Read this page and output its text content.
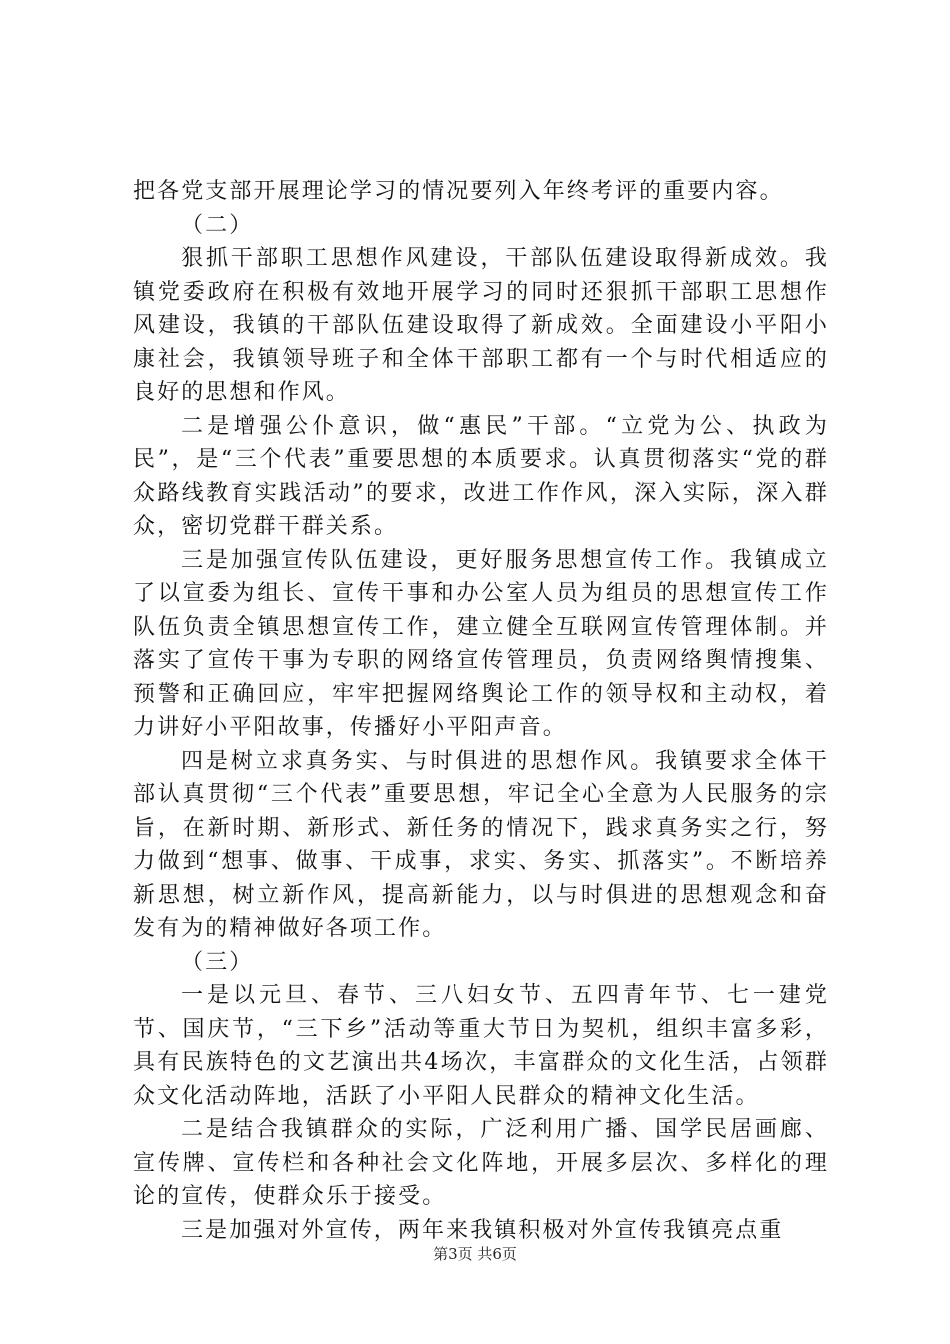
把各党支部开展理论学习的情况要列入年终考评的重要内容。

（二）

狠抓干部职工思想作风建设，干部队伍建设取得新成效。我镇党委政府在积极有效地开展学习的同时还狠抓干部职工思想作风建设，我镇的干部队伍建设取得了新成效。全面建设小平阳小康社会，我镇领导班子和全体干部职工都有一个与时代相适应的良好的思想和作风。

二是增强公仆意识，做“惠民”干部。“立党为公、执政为民”，是“三个代表”重要思想的本质要求。认真贯彻落实“党的群众路线教育实践活动”的要求，改进工作作风，深入实际，深入群众，密切党群干群关系。

三是加强宣传队伍建设，更好服务思想宣传工作。我镇成立了以宣委为组长、宣传干事和办公室人员为组员的思想宣传工作队伍负责全镇思想宣传工作，建立健全互联网宣传管理体制。并落实了宣传干事为专职的网络宣传管理员，负责网络舆情搜集、预警和正确回应，牢牢把握网络舆论工作的领导权和主动权，着力讲好小平阳故事，传播好小平阳声音。

四是树立求真务实、与时俱进的思想作风。我镇要求全体干部认真贯彻“三个代表”重要思想，牢记全心全意为人民服务的宗旨，在新时期、新形式、新任务的情况下，践求真务实之行，努力做到“想事、做事、干成事，求实、务实、抓落实”。不断培养新思想，树立新作风，提高新能力，以与时俱进的思想观念和奋发有为的精神做好各项工作。

（三）

一是以元旦、春节、三八妇女节、五四青年节、七一建党节、国庆节，“三下乡”活动等重大节日为契机，组织丰富多彩，具有民族特色的文艺演出共4场次，丰富群众的文化生活，占领群众文化活动阵地，活跃了小平阳人民群众的精神文化生活。

二是结合我镇群众的实际，广泛利用广播、国学民居画廊、宣传牌、宣传栏和各种社会文化阵地，开展多层次、多样化的理论的宣传，使群众乐于接受。

三是加强对外宣传，两年来我镇积极对外宣传我镇亮点重

第3页 共6页
